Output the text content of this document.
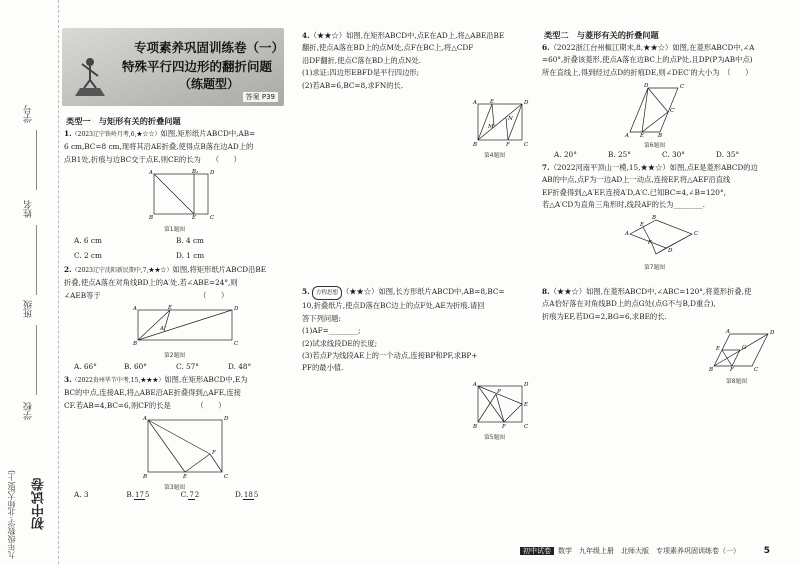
学号
姓名
班级
学校
九年级数学·北师大版(上) 初中试卷
专项素养巩固训练卷（一）
特殊平行四边形的翻折问题
（练题型）
答案 P39
类型一　与矩形有关的折叠问题
1.（2023辽宁铁岭月考,6,★☆☆）如图,矩形纸片ABCD中,AB=
6 cm,BC=8 cm,现将其沿AE折叠,使得点B落在边AD上的
点B1处,折痕与边BC交于点E,则CE的长为　　（　　）
A	B₁ D
B	E	C
第1题图
A. 6 cm	B. 4 cm
C. 2 cm	D. 1 cm
2.（2023辽宁沈阳新民期中,7,★★☆）如图,将矩形纸片ABCD沿BE
折叠,使点A落在对角线BD上的A′处.若∠ABE=24°,则
∠AEB等于　　　　　　　　　　　　　　（　　）
A	E	D
A′
B	C
第2题图
A. 66°	B. 60°	C. 57°	D. 48°
3.（2022贵州毕节中考,15,★★★）如图,在矩形ABCD中,E为
BC的中点,连接AE,将△ABE沿AE折叠得到△AFE,连接
CF.若AB=4,BC=6,则CF的长是　　　　（　　）
A	D
F
B	E	C
第3题图
A. 3	B.175	C.72	D.185
4.（★★☆）如图,在矩形ABCD中,点E在AD上,将△ABE沿BE
翻折,使点A落在BD上的点M处,点F在BC上,将△CDF
沿DF翻折,使点C落在BD上的点N处.
(1)求证:四边形EBFD是平行四边形;
(2)若AB=6,BC=8,求FN的长.
A E	D
M
N
B	F	C
第4题图
5. 方程思想 （★★☆）如图,长方形纸片ABCD中,AB=8,BC=
10,折叠纸片,使点D落在BC边上的点F处,AE为折痕.请回
答下列问题:
(1)AF=________;
(2)试求线段DE的长度;
(3)若点P为线段AE上的一个动点,连接BP和PF,求BP+
PF的最小值.
A	D
E
P
B	F	C
第5题图
类型二　与菱形有关的折叠问题
6.（2022浙江台州椒江期末,8,★★☆）如图,在菱形ABCD中,∠A
=60°,折叠该菱形,使点A落在边BC上的点P处,且DP(P为AB中点)
所在直线上,得到经过点D的折痕DE,则∠DEC′的大小为　（　　）
D	C
C′
A E	B
第6题图
A. 20°	B. 25°	C. 30°	D. 35°
7.（2022河南平顶山一模,15,★★☆）如图,点E是菱形ABCD的边
AB的中点,点F为一边AD上一动点,连接EF,将△AEF沿直线
EF折叠得到△A′EF,连接A′D,A′C.已知BC=4,∠B=120°,
若△A′CD为直角三角形时,线段AF的长为________.
A
B
C
E
F
D
第7题图
8.（★★☆）如图,在菱形ABCD中,∠ABC=120°,将菱形折叠,使
点A恰好落在对角线BD上的点G处(点G不与B,D重合),
折痕为EF,若DG=2,BG=6,求BE的长.
A	D
E	G
B	F	C
第8题图
初中试卷 数学　九年级上册　北师大版　专项素养巩固训练卷（一）	5
